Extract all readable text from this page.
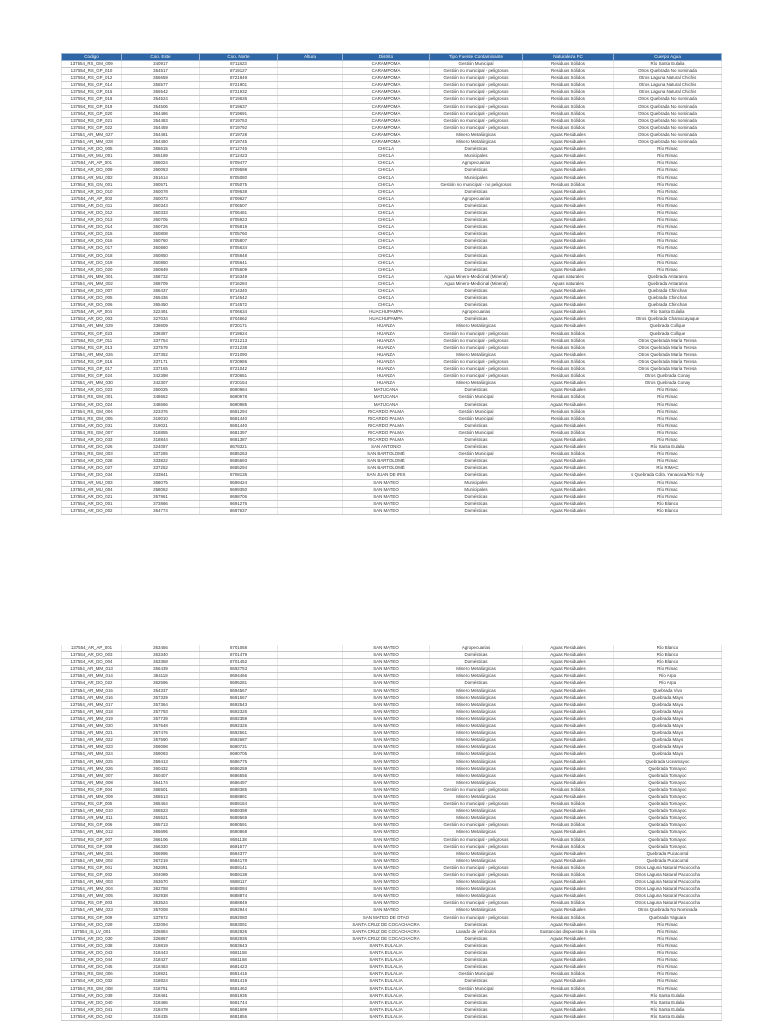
Codigo	Coo. Este	Coo. Norte	Altura	Distrito	Tipo Fuente Contaminante	Naturaleza FC	Cuerpo Agua
137554_RS_GM_009	340917	8711823		CARAMPOMA	Gestión Municipal	Residuos Sólidos	Río Santa Eulalia
137554_RS_GP_010	354517	8719127		CARAMPOMA	Gestión no municipal - peligrosos	Residuos Sólidos	Otros Quebrada No nominada
137554_RS_GP_012	355659	8721849		CARAMPOMA	Gestión no municipal - peligrosos	Residuos Sólidos	Otros Laguna Natural Chichis
137554_RS_GP_014	355577	8721901		CARAMPOMA	Gestión no municipal - peligrosos	Residuos Sólidos	Otros Laguna Natural Chichis
137554_RS_GP_015	355542	8721932		CARAMPOMA	Gestión no municipal - peligrosos	Residuos Sólidos	Otros Laguna Natural Chichis
137554_RS_GP_018	354524	8719636		CARAMPOMA	Gestión no municipal - peligrosos	Residuos Sólidos	Otros Quebrada No nominada
137554_RS_GP_019	354506	8719637		CARAMPOMA	Gestión no municipal - peligrosos	Residuos Sólidos	Otros Quebrada No nominada
137554_RS_GP_020	354486	8719691		CARAMPOMA	Gestión no municipal - peligrosos	Residuos Sólidos	Otros Quebrada No nominada
137554_RS_GP_021	354483	8719753		CARAMPOMA	Gestión no municipal - peligrosos	Residuos Sólidos	Otros Quebrada No nominada
137554_RS_GP_022	354459	8719792		CARAMPOMA	Gestión no municipal - peligrosos	Residuos Sólidos	Otros Quebrada No nominada
137554_AR_MM_027	354481	8719728		CARAMPOMA	Minero Metalúrgicas	Aguas Residuales	Otros Quebrada No nominada
137554_AR_MM_028	354450	8719745		CARAMPOMA	Minero Metalúrgicas	Aguas Residuales	Otros Quebrada No nominada
137554_AR_DO_005	365615	8712745		CHICLA	Domésticas	Aguas Residuales	Río Rimac
137554_AR_MU_001	365189	8712423		CHICLA	Municipales	Aguas Residuales	Río Rimac
137554_AR_AP_001	365024	8709477		CHICLA	Agropecuarias	Aguas Residuales	Río Rimac
137554_AR_DO_009	360053	8709598		CHICLA	Domésticas	Aguas Residuales	Río Rimac
137554_AR_MU_002	361614	8705080		CHICLA	Municipales	Aguas Residuales	Río Rimac
137554_RS_GN_001	360571	8705075		CHICLA	Gestión no municipal - no peligrosos	Residuos Sólidos	Río Rimac
137554_AR_DO_010	360078	8709638		CHICLA	Domésticas	Aguas Residuales	Río Rimac
137554_AR_AP_003	360073	8709627		CHICLA	Agropecuarias	Aguas Residuales	Río Rimac
137554_AR_DO_011	360343	8706507		CHICLA	Domésticas	Aguas Residuales	Río Rimac
137554_AR_DO_012	360333	8706481		CHICLA	Domésticas	Aguas Residuales	Río Rimac
137554_AR_DO_013	360705	8705923		CHICLA	Domésticas	Aguas Residuales	Río Rimac
137554_AR_DO_014	360726	8705819		CHICLA	Domésticas	Aguas Residuales	Río Rimac
137554_AR_DO_015	360808	8705760		CHICLA	Domésticas	Aguas Residuales	Río Rimac
137554_AR_DO_016	360760	8705807		CHICLA	Domésticas	Aguas Residuales	Río Rimac
137554_AR_DO_017	360860	8705634		CHICLA	Domésticas	Aguas Residuales	Río Rimac
137554_AR_DO_018	360850	8705648		CHICLA	Domésticas	Aguas Residuales	Río Rimac
137554_AR_DO_019	360850	8705641		CHICLA	Domésticas	Aguas Residuales	Río Rimac
137554_AR_DO_020	360849	8705609		CHICLA	Domésticas	Aguas Residuales	Río Rimac
137554_AN_MM_001	368732	8716349		CHICLA	Agua Minero-Medicinal (Mineral)	Aguas naturales	Quebrada Antaranra
137554_AN_MM_002	368709	8716284		CHICLA	Agua Minero-Medicinal (Mineral)	Aguas naturales	Quebrada Antaranra
137554_AR_DO_007	365437	8714340		CHICLA	Domésticas	Aguas Residuales	Quebrada Chinchan
137554_AR_DO_005	365436	8714542		CHICLA	Domésticas	Aguas Residuales	Quebrada Chinchan
137554_AR_DO_006	365450	8714572		CHICLA	Domésticas	Aguas Residuales	Quebrada Chinchan
137554_AR_AP_004	322491	8706634		HUACHUPAMPA	Agropecuarias	Aguas Residuales	Río Santa Eulalia
137554_AR_DO_003	327034	8704662		HUACHUPAMPA	Domésticas	Aguas Residuales	Otros Quebrada Chamacayaque
137554_AR_MM_029	338609	8720171		HUANZA	Minero Metalúrgicas	Aguas Residuales	Quebrada Collque
137554_RS_GP_023	339387	8719624		HUANZA	Gestión no municipal - peligrosos	Residuos Sólidos	Quebrada Collque
137554_RS_GP_011	337754	8721213		HUANZA	Gestión no municipal - peligrosos	Residuos Sólidos	Otros Quebrada María Teresa
137554_RS_GP_013	337579	8721238		HUANZA	Gestión no municipal - peligrosos	Residuos Sólidos	Otros Quebrada María Teresa
137554_AR_MM_026	337352	8721090		HUANZA	Minero Metalúrgicas	Aguas Residuales	Otros Quebrada María Teresa
137554_RS_GP_016	337171	8720986		HUANZA	Gestión no municipal - peligrosos	Residuos Sólidos	Otros Quebrada María Teresa
137554_RS_GP_017	337165	8721042		HUANZA	Gestión no municipal - peligrosos	Residuos Sólidos	Otros Quebrada María Teresa
137554_RS_GP_024	342398	8720651		HUANZA	Gestión no municipal - peligrosos	Residuos Sólidos	Otros Quebrada Conay
137554_AR_MM_030	342307	8720154		HUANZA	Minero Metalúrgicas	Aguas Residuales	Otros Quebrada Conay
137554_AR_DO_023	350025	8690984		MATUCANA	Domésticas	Aguas Residuales	Río Rimac
137554_RS_GM_001	348662	8690978		MATUCANA	Gestión Municipal	Residuos Sólidos	Río Rimac
137554_AR_DO_024	348666	8690985		MATUCANA	Domésticas	Aguas Residuales	Río Rimac
137554_RS_GM_004	323376	8681294		RICARDO PALMA	Gestión Municipal	Residuos Sólidos	Río Rimac
137554_RS_GM_005	319010	8681440		RICARDO PALMA	Gestión Municipal	Residuos Sólidos	Río Rimac
137554_AR_DO_031	319021	8681440		RICARDO PALMA	Domésticas	Aguas Residuales	Río Rimac
137554_RS_GM_007	318855	8681397		RICARDO PALMA	Gestión Municipal	Residuos Sólidos	Río Rimac
137554_AR_DO_033	318844	8681387		RICARDO PALMA	Domésticas	Aguas Residuales	Río Rimac
137554_AR_DO_026	324087	8678321		SAN ANTONIO	Domésticas	Aguas Residuales	Río Santa Eulalia
137554_RS_GM_003	337265	8685263		SAN BARTOLOMÉ	Gestión Municipal	Residuos Sólidos	Río Rimac
137554_AR_DO_028	333822	8685693		SAN BARTOLOMÉ	Domésticas	Aguas Residuales	Río Rimac
137554_AR_DO_027	337252	8685294		SAN BARTOLOMÉ	Domésticas	Aguas Residuales	Río RIMAC
137554_AR_DO_034	333841	8708135		SAN JUAN DE IRIS	Domésticas	Aguas Residuales	s Quebrada Cdra. Yanacaca/Río Yuly
137554_AR_MU_003	358075	8699424		SAN MATEO	Municipales	Aguas Residuales	Río Rimac
137554_AR_MU_004	358062	8699350		SAN MATEO	Municipales	Aguas Residuales	Río Rimac
137554_AR_DO_021	357961	8698706		SAN MATEO	Domésticas	Aguas Residuales	Río Rimac
137554_AR_DO_001	373866	8691276		SAN MATEO	Domésticas	Aguas Residuales	Río Blanco
137554_AR_DO_002	364774	8697637		SAN MATEO	Domésticas	Aguas Residuales	Río Blanco
137554_AR_AP_001	363456	8701068		SAN MATEO	Agropecuarias	Aguas Residuales	Río Blanco
137554_AR_DO_003	363340	8701479		SAN MATEO	Domésticas	Aguas Residuales	Río Blanco
137554_AR_DO_004	363358	8701452		SAN MATEO	Domésticas	Aguas Residuales	Río Blanco
137554_AR_MM_013	356439	8692753		SAN MATEO	Minero Metalúrgicas	Aguas Residuales	Río Rimac
137554_AR_MM_014	364118	8694466		SAN MATEO	Minero Metalúrgicas	Aguas Residuales	Río Arpa
137554_AR_DO_022	362596	8695281		SAN MATEO	Domésticas	Aguas Residuales	Río Arpa
137554_AR_MM_015	354337	8694567		SAN MATEO	Minero Metalúrgicas	Aguas Residuales	Quebrada Vivo
137554_AR_MM_016	357329	8691567		SAN MATEO	Minero Metalúrgicas	Aguas Residuales	Quebrada Mayo
137554_AR_MM_017	357364	8692543		SAN MATEO	Minero Metalúrgicas	Aguas Residuales	Quebrada Mayo
137554_AR_MM_018	357793	8692326		SAN MATEO	Minero Metalúrgicas	Aguas Residuales	Quebrada Mayo
137554_AR_MM_019	357739	8692359		SAN MATEO	Minero Metalúrgicas	Aguas Residuales	Quebrada Mayo
137554_AR_MM_020	357648	8692326		SAN MATEO	Minero Metalúrgicas	Aguas Residuales	Quebrada Mayo
137554_AR_MM_021	357476	8692561		SAN MATEO	Minero Metalúrgicas	Aguas Residuales	Quebrada Mayo
137554_AR_MM_022	357590	8692687		SAN MATEO	Minero Metalúrgicas	Aguas Residuales	Quebrada Mayo
137554_AR_MM_023	359098	8690731		SAN MATEO	Minero Metalúrgicas	Aguas Residuales	Quebrada Mayo
137554_AR_MM_024	359093	8690705		SAN MATEO	Minero Metalúrgicas	Aguas Residuales	Quebrada Mayo
137554_AR_MM_025	359413	8686775		SAN MATEO	Minero Metalúrgicas	Aguas Residuales	Quebrada Uceamayoc
137554_AR_MM_026	360432	8686259		SAN MATEO	Minero Metalúrgicas	Aguas Residuales	Quebrada Tomayoc
137554_AR_MM_007	360407	8686556		SAN MATEO	Minero Metalúrgicas	Aguas Residuales	Quebrada Tomayoc
137554_AR_MM_008	364174	8686497		SAN MATEO	Minero Metalúrgicas	Aguas Residuales	Quebrada Tomayoc
137554_RS_GP_004	365501	8688385		SAN MATEO	Gestión no municipal - peligrosos	Residuos Sólidos	Quebrada Tomayoc
137554_AR_MM_009	365513	8688891		SAN MATEO	Minero Metalúrgicas	Aguas Residuales	Quebrada Tomayoc
137554_RS_GP_005	365464	8689154		SAN MATEO	Gestión no municipal - peligrosos	Residuos Sólidos	Quebrada Tomayoc
137554_AR_MM_010	365523	8689398		SAN MATEO	Minero Metalúrgicas	Aguas Residuales	Quebrada Tomayoc
137554_AR_MM_011	365521	8689569		SAN MATEO	Minero Metalúrgicas	Aguas Residuales	Quebrada Tomayoc
137554_RS_GP_006	365713	8690591		SAN MATEO	Gestión no municipal - peligrosos	Residuos Sólidos	Quebrada Tomayoc
137554_AR_MM_012	365695	8690868		SAN MATEO	Minero Metalúrgicas	Aguas Residuales	Quebrada Tomayoc
137554_RS_GP_007	366106	8691138		SAN MATEO	Gestión no municipal - peligrosos	Residuos Sólidos	Quebrada Tomayoc
137554_RS_GP_008	366330	8691577		SAN MATEO	Gestión no municipal - peligrosos	Residuos Sólidos	Quebrada Tomayoc
137554_AR_MM_001	366996	8684377		SAN MATEO	Minero Metalúrgicas	Aguas Residuales	Quebrada Pucacorral
137554_AR_MM_002	367219	8684178		SAN MATEO	Minero Metalúrgicas	Aguas Residuales	Quebrada Pucacorral
137554_RS_GP_001	362091	8689141		SAN MATEO	Gestión no municipal - peligrosos	Residuos Sólidos	Otros Laguna Natural Pacococha
137554_RS_GP_002	304089	8689138		SAN MATEO	Gestión no municipal - peligrosos	Residuos Sólidos	Otros Laguna Natural Pacococha
137554_AR_MM_003	363670	8688117		SAN MATEO	Minero Metalúrgicas	Aguas Residuales	Otros Laguna Natural Pacococha
137554_AR_MM_004	362758	8688084		SAN MATEO	Minero Metalúrgicas	Aguas Residuales	Otros Laguna Natural Pacococha
137554_AR_MM_005	362938	8688874		SAN MATEO	Minero Metalúrgicas	Aguas Residuales	Otros Laguna Natural Pacococha
137554_RS_GP_003	363524	8688849		SAN MATEO	Gestión no municipal - peligrosos	Residuos Sólidos	Otros Laguna Natural Pacococha
137554_AR_MM_023	357008	8692944		SAN MATEO	Minero Metalúrgicas	Aguas Residuales	Otros Quebrada No Nominada
137554_RS_GP_009	337972	8692080		SAN MATEO DE OTAO	Gestión no municipal - peligrosos	Residuos Sólidos	Quebrada Yaguara
137554_AR_DO_029	332094	8683091		SANTA CRUZ DE COCACHACRA	Domésticas	Aguas Residuales	Río Rimac
137554_IS_LV_001	326884	8682926		SANTA CRUZ DE COCACHACRA	Lavado de vehículos	Sustancias dispuestas in situ	Río Rimac
137554_AR_DO_030	326867	8682936		SANTA CRUZ DE COCACHACRA	Domésticas	Aguas Residuales	Río Rimac
137554_AR_DO_038	318819	8683643		SANTA EULALIA	Domésticas	Aguas Residuales	Río Rimac
137554_AR_DO_043	318443	8681158		SANTA EULALIA	Domésticas	Aguas Residuales	Río Rimac
137554_AR_DO_044	318427	8681168		SANTA EULALIA	Domésticas	Aguas Residuales	Río Rimac
137554_AR_DO_045	318463	8681423		SANTA EULALIA	Domésticas	Aguas Residuales	Río Rimac
137554_RS_GM_006	318821	8681416		SANTA EULALIA	Gestión Municipal	Residuos Sólidos	Río Rimac
137554_AR_DO_032	318824	8681419		SANTA EULALIA	Domésticas	Aguas Residuales	Río Rimac
137554_RS_GM_008	318751	8681462		SANTA EULALIA	Gestión Municipal	Residuos Sólidos	Río Rimac
137554_AR_DO_039	318481	8681935		SANTA EULALIA	Domésticas	Aguas Residuales	Río Santa Eulalia
137554_AR_DO_040	318486	8681744		SANTA EULALIA	Domésticas	Aguas Residuales	Río Santa Eulalia
137554_AR_DO_041	318478	8681699		SANTA EULALIA	Domésticas	Aguas Residuales	Río Santa Eulalia
137554_AR_DO_042	318435	8681856		SANTA EULALIA	Domésticas	Aguas Residuales	Río Santa Eulalia
